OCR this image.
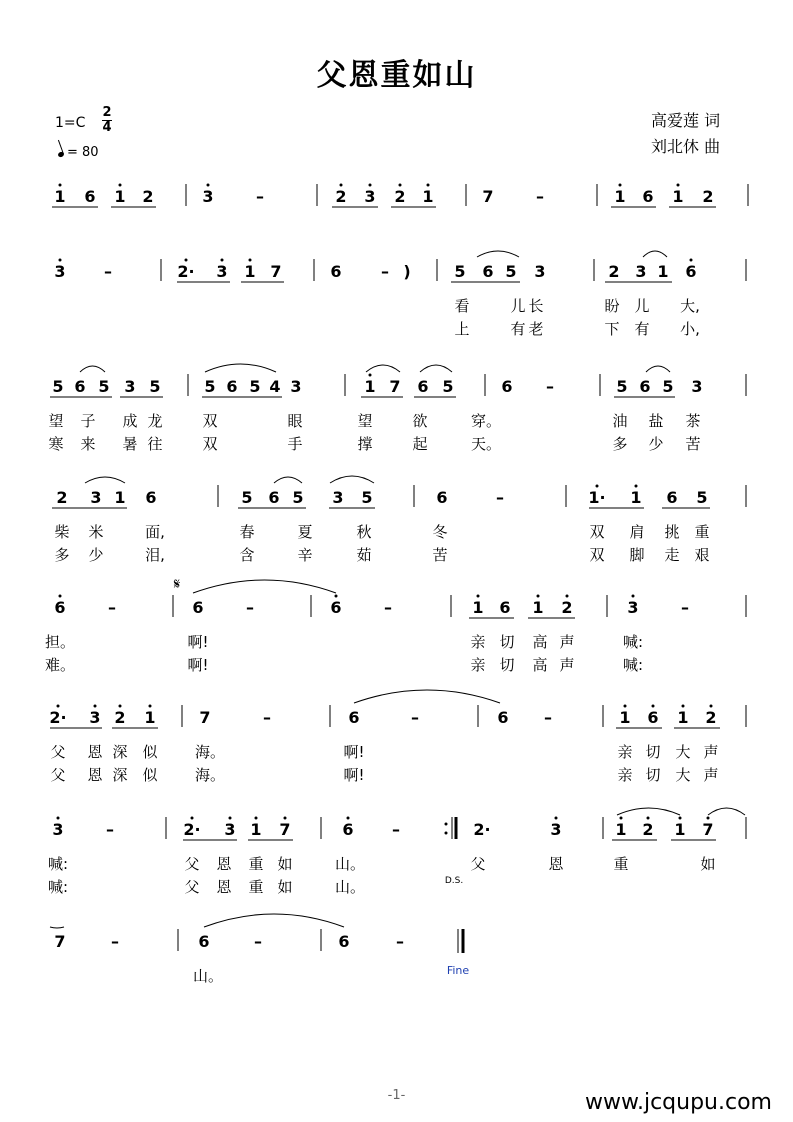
父恩重如山
高爱莲 词
刘北休 曲
1=C
2
4
= 80
1 6 1 2	3	–	2 3 2 1	7	–	1 6 1 2
3 –	2· 3 1 7	6 – )	5 6 5 3	2 3 1 6
看	儿 长	盼 儿 大,
上	有 老	下 有 小,
5 6 5 3 5	5 6 5 4 3	1 7 6 5	6 –	5 6 5 3
望 子 成 龙	双	眼	望	欲	穿。	油 盐 茶
寒 来 暑 往	双	手	撑	起	天。	多 少 苦
2 3 1 6	5 6 5 3 5	6	–	1· 1 6 5
柴 米	面,	春	夏	秋	冬	双 肩 挑 重
多 少	泪,	含	辛	茹	苦	双 脚 走 艰
6	–	6	–	6	–	1 6 1 2	3	–
担。	啊!	亲 切 高 声	喊:
难。	啊!	亲 切 高 声	喊:
2· 3 2 1	7	–	6	–	6 –	1 6 1 2
父 恩 深 似 海。	啊!	亲 切 大 声
父 恩 深 似 海。	啊!	亲 切 大 声
3	–	2· 3 1 7	6 –	2·	3	1 2 1 7
喊:	父 恩 重 如	山。	父	恩	重	如
喊:	父 恩 重 如	山。
7	–	6	–	6	–
山。
𝄋
D.S.
Fine
-1-	www.jcqupu.com
